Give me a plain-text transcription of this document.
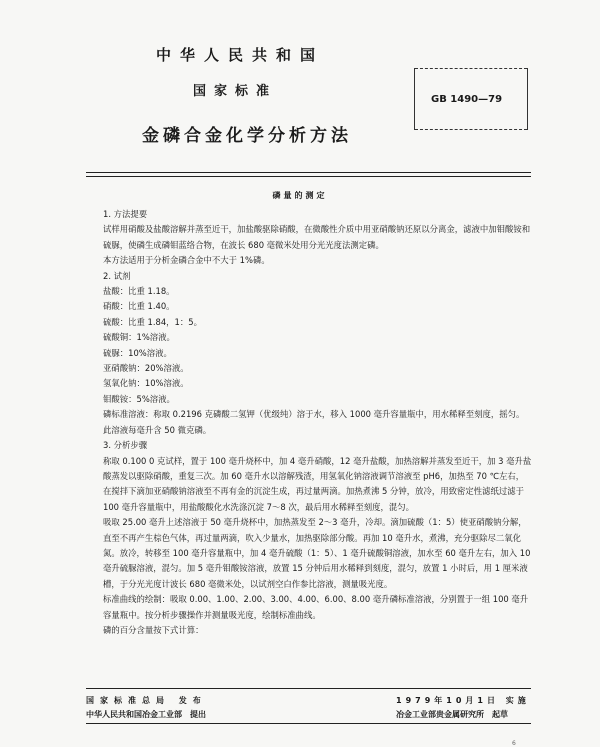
中华人民共和国
国家标准
金磷合金化学分析方法
GB 1490—79
磷量的测定

1. 方法提要

试样用硝酸及盐酸溶解并蒸至近干，加盐酸驱除硝酸，在微酸性介质中用亚硝酸钠还原以分离金，滤液中加钼酸铵和硫脲，使磷生成磷钼蓝络合物，在波长 680 毫微米处用分光光度法测定磷。

本方法适用于分析金磷合金中不大于 1%磷。

2. 试剂

盐酸：比重 1.18。

硝酸：比重 1.40。

硫酸：比重 1.84，1：5。

硫酸铜：1%溶液。

硫脲：10%溶液。

亚硝酸钠：20%溶液。

氢氧化钠：10%溶液。

钼酸铵：5%溶液。

磷标准溶液：称取 0.2196 克磷酸二氢钾（优级纯）溶于水，移入 1000 毫升容量瓶中，用水稀释至刻度，摇匀。此溶液每毫升含 50 微克磷。

3. 分析步骤

称取 0.100 0 克试样，置于 100 毫升烧杯中，加 4 毫升硝酸，12 毫升盐酸，加热溶解并蒸发至近干，加 3 毫升盐酸蒸发以驱除硝酸，重复三次。加 60 毫升水以溶解残渣，用氢氧化钠溶液调节溶液至 pH6，加热至 70 ℃左右，在搅拌下滴加亚硝酸钠溶液至不再有金的沉淀生成，再过量两滴。加热煮沸 5 分钟，放冷，用致密定性滤纸过滤于 100 毫升容量瓶中，用盐酸酸化水洗涤沉淀 7～8 次，最后用水稀释至刻度，混匀。

吸取 25.00 毫升上述溶液于 50 毫升烧杯中，加热蒸发至 2～3 毫升，冷却。滴加硫酸（1：5）使亚硝酸钠分解，直至不再产生棕色气体，再过量两滴，吹入少量水，加热驱除部分酸。再加 10 毫升水，煮沸，充分驱除尽二氧化氮。放冷，转移至 100 毫升容量瓶中，加 4 毫升硫酸（1：5）、1 毫升硫酸铜溶液，加水至 60 毫升左右，加入 10 毫升硫脲溶液，混匀。加 5 毫升钼酸铵溶液，放置 15 分钟后用水稀释到刻度，混匀，放置 1 小时后，用 1 厘米液槽，于分光光度计波长 680 毫微米处，以试剂空白作参比溶液，测量吸光度。

标准曲线的绘制：吸取 0.00、1.00、2.00、3.00、4.00、6.00、8.00 毫升磷标准溶液，分别置于一组 100 毫升容量瓶中。按分析步骤操作并测量吸光度，绘制标准曲线。

磷的百分含量按下式计算：

国家标准总局 发布
中华人民共和国冶金工业部　提出
1979年10月1日 实施
冶金工业部贵金属研究所　起草
6
